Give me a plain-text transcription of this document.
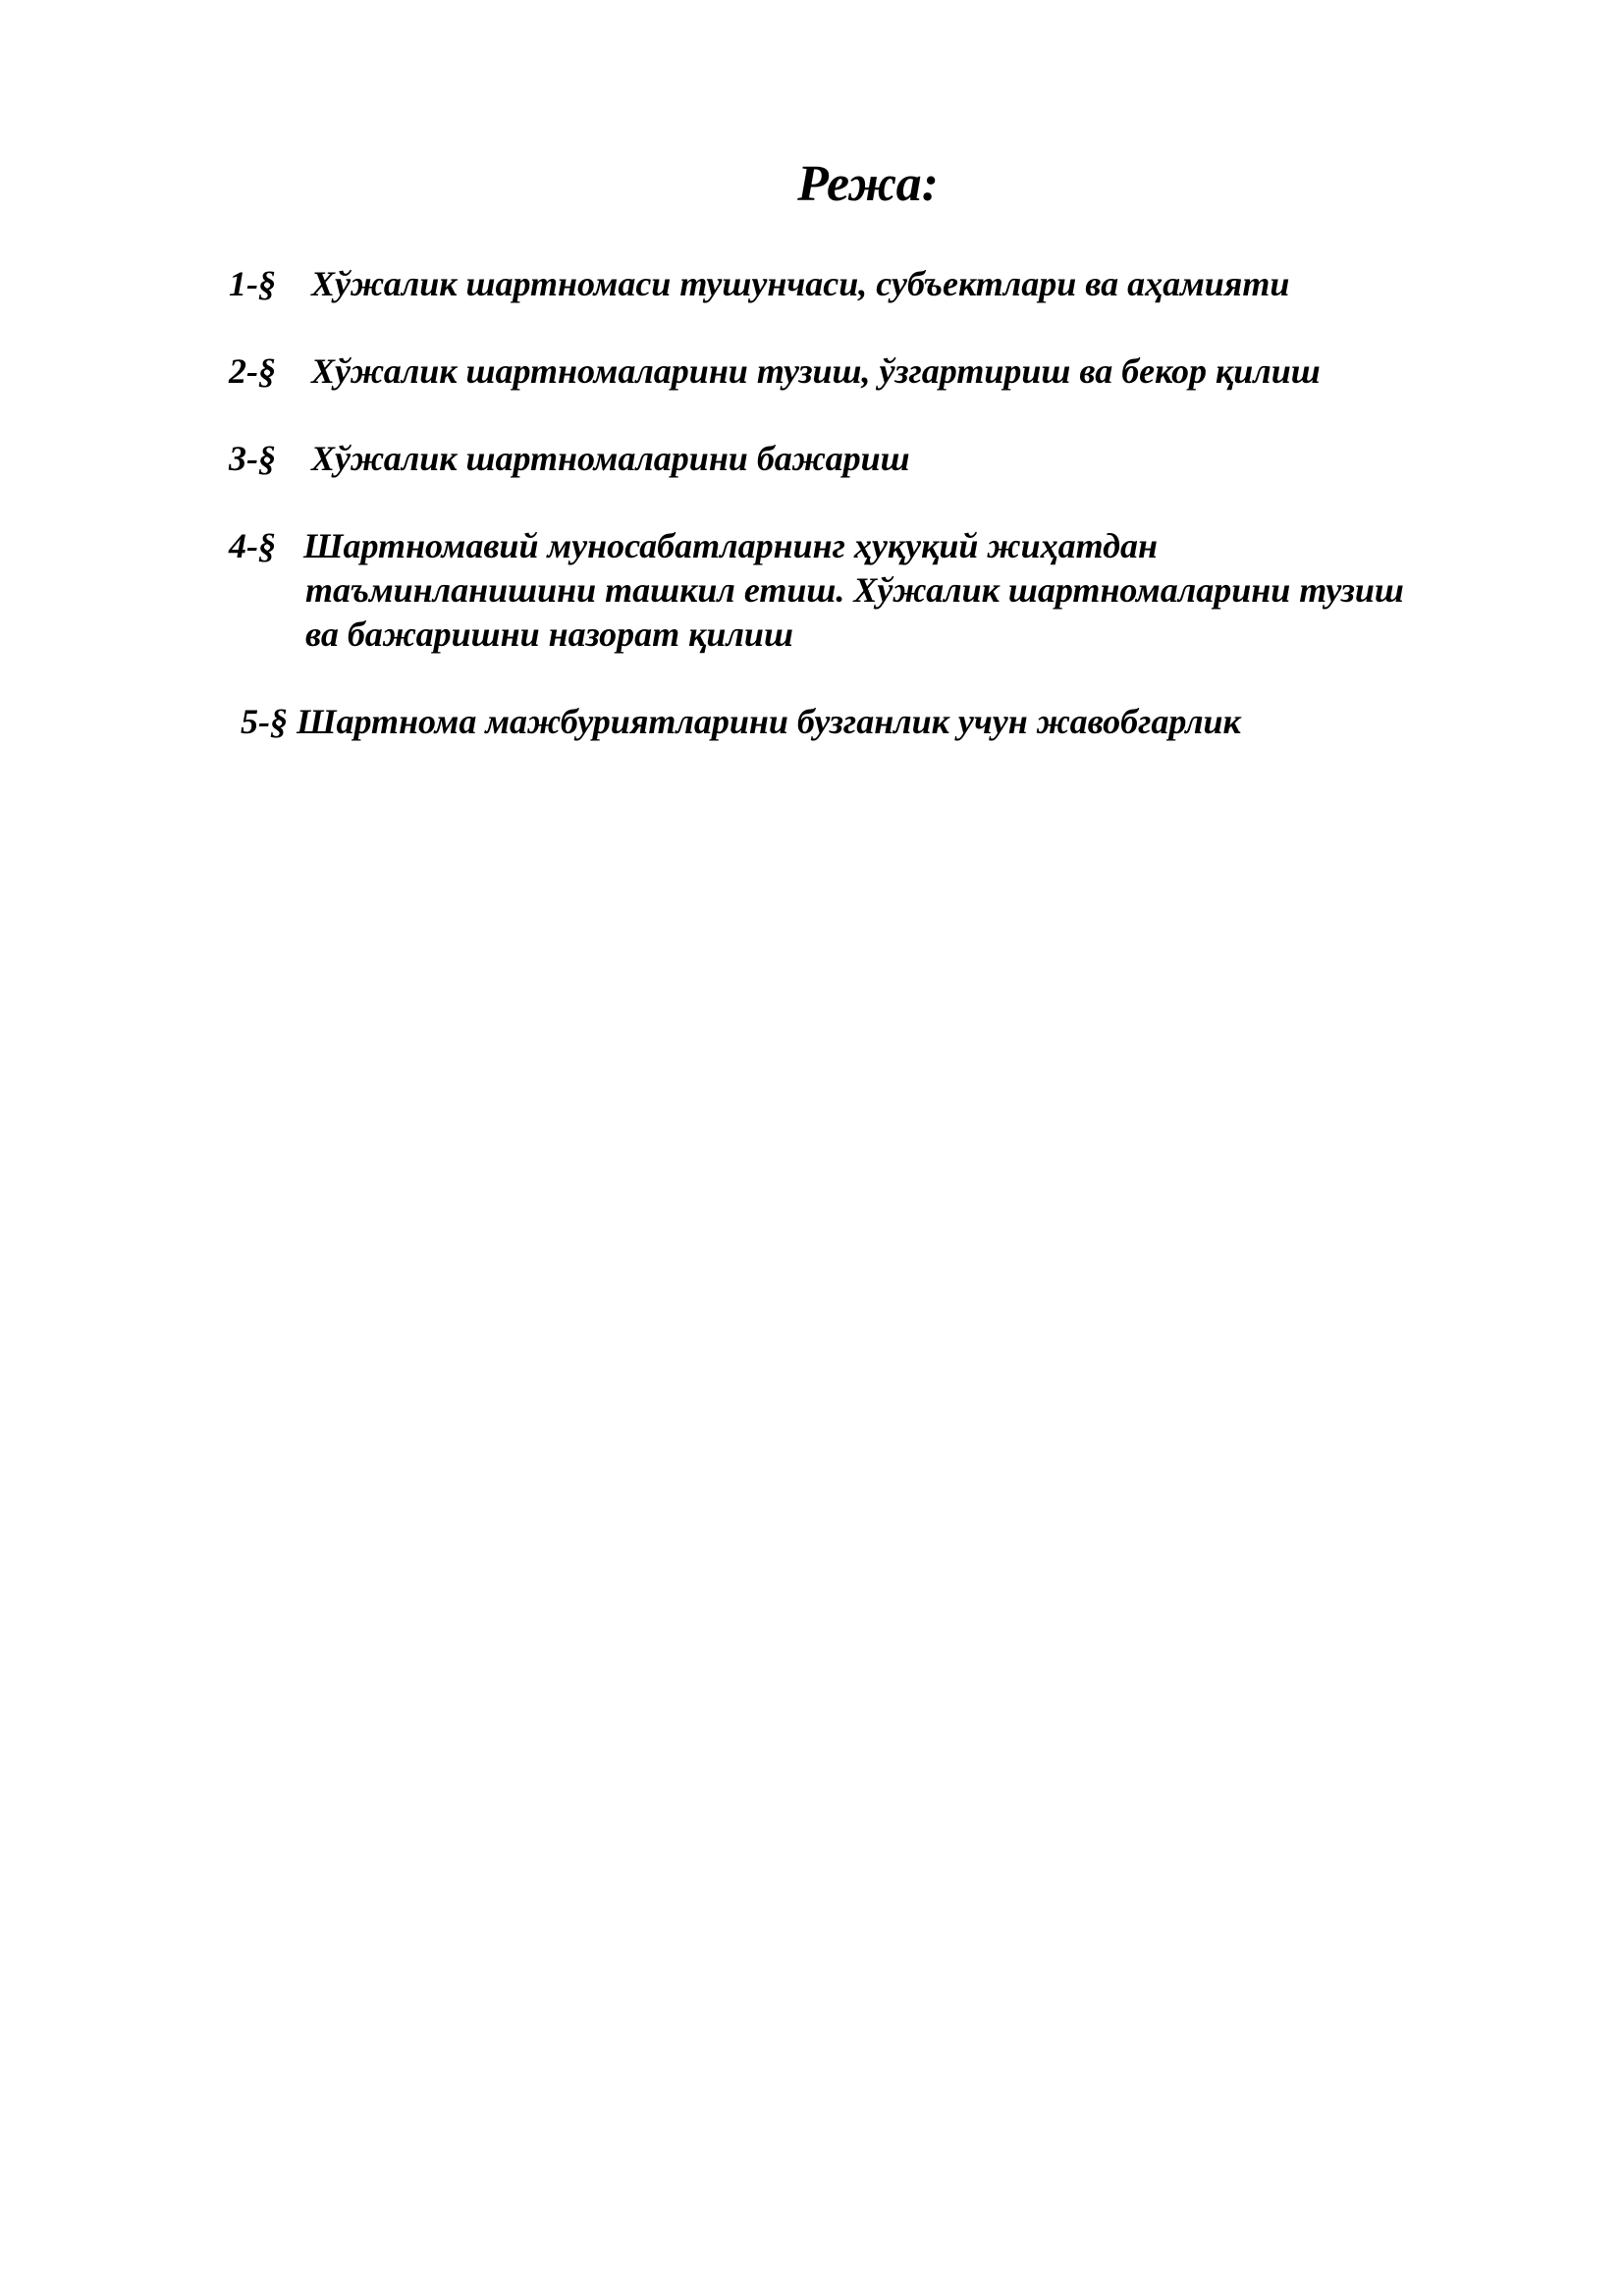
Режа:
1-§ Хўжалик шартномаси тушунчаси, субъектлари ва аҳамияти
2-§ Хўжалик шартномаларини тузиш, ўзгартириш ва бекор қилиш
3-§ Хўжалик шартномаларини бажариш
4-§ Шартномавий муносабатларнинг ҳуқуқий жиҳатдан
таъминланишини ташкил етиш. Хўжалик шартномаларини тузиш
ва бажаришни назорат қилиш
5-§ Шартнома мажбуриятларини бузганлик учун жавобгарлик
